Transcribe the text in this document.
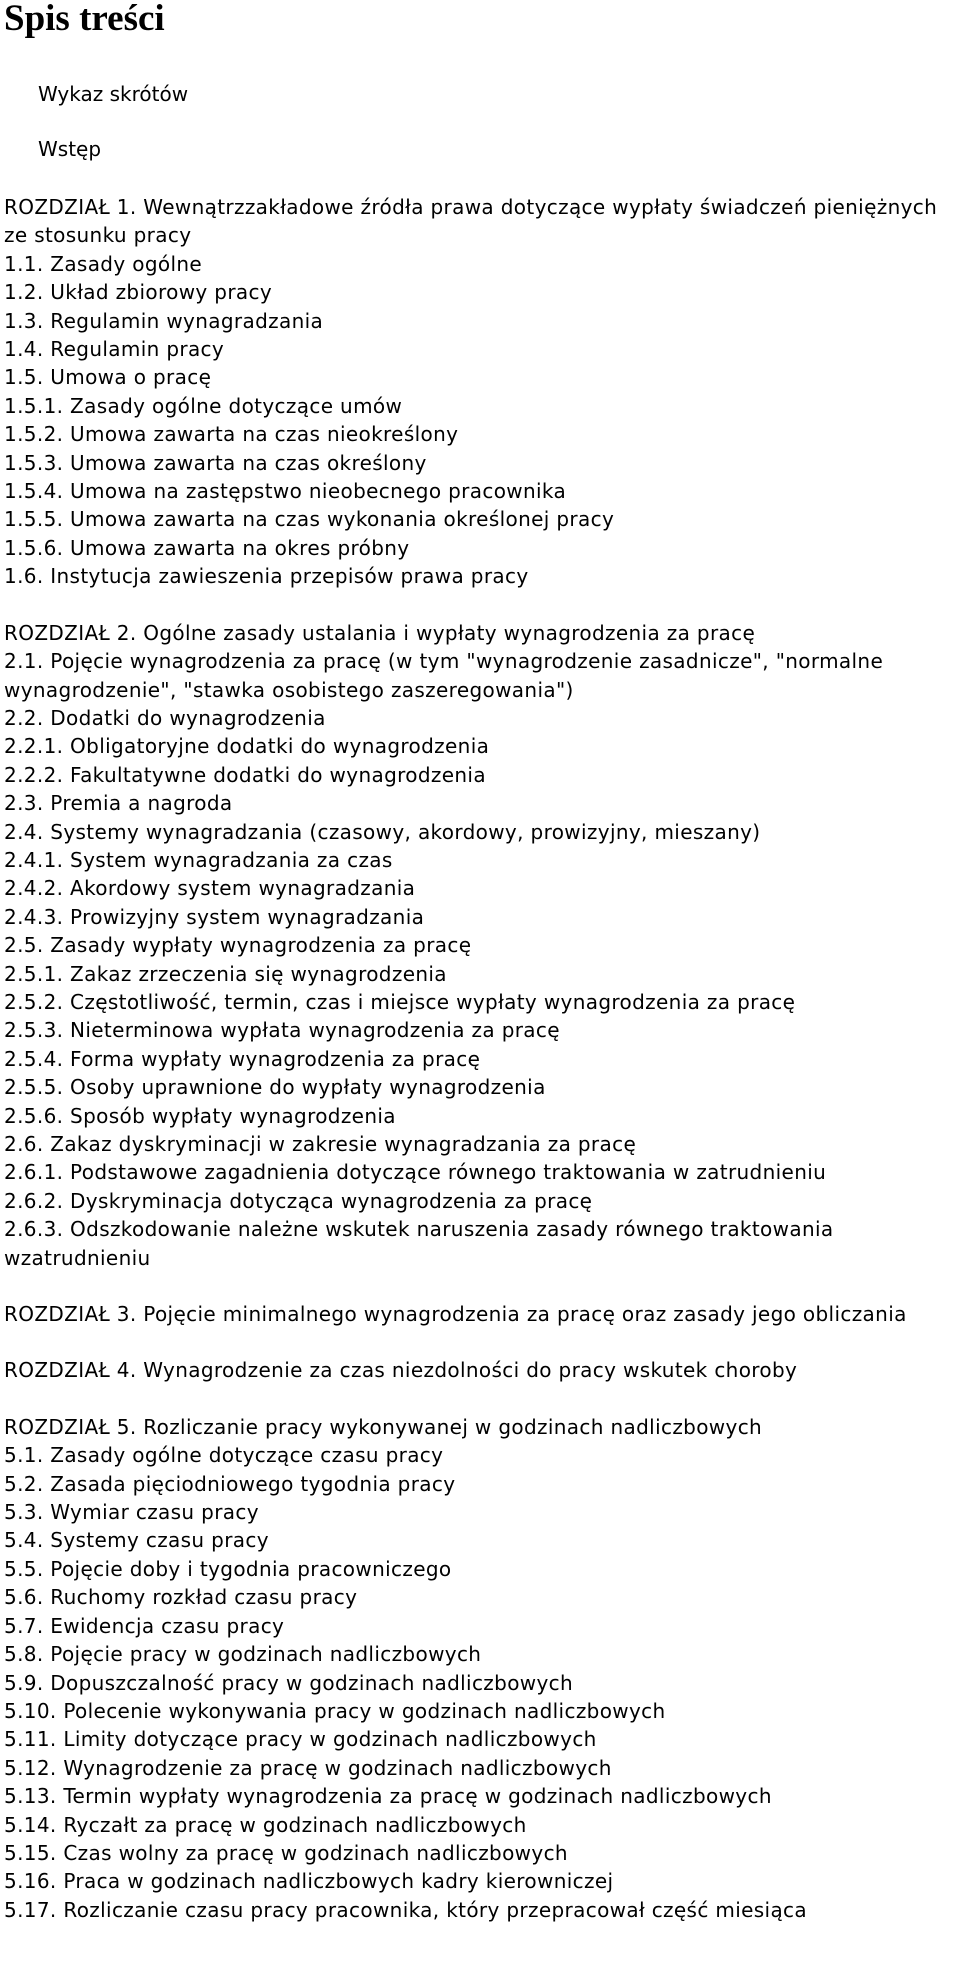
Spis treści

Wykaz skrótów

Wstęp

ROZDZIAŁ 1. Wewnątrzzakładowe źródła prawa dotyczące wypłaty świadczeń pieniężnych ze stosunku pracy
1.1. Zasady ogólne
1.2. Układ zbiorowy pracy
1.3. Regulamin wynagradzania
1.4. Regulamin pracy
1.5. Umowa o pracę
1.5.1. Zasady ogólne dotyczące umów
1.5.2. Umowa zawarta na czas nieokreślony
1.5.3. Umowa zawarta na czas określony
1.5.4. Umowa na zastępstwo nieobecnego pracownika
1.5.5. Umowa zawarta na czas wykonania określonej pracy
1.5.6. Umowa zawarta na okres próbny
1.6. Instytucja zawieszenia przepisów prawa pracy
ROZDZIAŁ 2. Ogólne zasady ustalania i wypłaty wynagrodzenia za pracę
2.1. Pojęcie wynagrodzenia za pracę (w tym "wynagrodzenie zasadnicze", "normalne wynagrodzenie", "stawka osobistego zaszeregowania")
2.2. Dodatki do wynagrodzenia
2.2.1. Obligatoryjne dodatki do wynagrodzenia
2.2.2. Fakultatywne dodatki do wynagrodzenia
2.3. Premia a nagroda
2.4. Systemy wynagradzania (czasowy, akordowy, prowizyjny, mieszany)
2.4.1. System wynagradzania za czas
2.4.2. Akordowy system wynagradzania
2.4.3. Prowizyjny system wynagradzania
2.5. Zasady wypłaty wynagrodzenia za pracę
2.5.1. Zakaz zrzeczenia się wynagrodzenia
2.5.2. Częstotliwość, termin, czas i miejsce wypłaty wynagrodzenia za pracę
2.5.3. Nieterminowa wypłata wynagrodzenia za pracę
2.5.4. Forma wypłaty wynagrodzenia za pracę
2.5.5. Osoby uprawnione do wypłaty wynagrodzenia
2.5.6. Sposób wypłaty wynagrodzenia
2.6. Zakaz dyskryminacji w zakresie wynagradzania za pracę
2.6.1. Podstawowe zagadnienia dotyczące równego traktowania w zatrudnieniu
2.6.2. Dyskryminacja dotycząca wynagrodzenia za pracę
2.6.3. Odszkodowanie należne wskutek naruszenia zasady równego traktowania wzatrudnieniu
ROZDZIAŁ 3. Pojęcie minimalnego wynagrodzenia za pracę oraz zasady jego obliczania
ROZDZIAŁ 4. Wynagrodzenie za czas niezdolności do pracy wskutek choroby
ROZDZIAŁ 5. Rozliczanie pracy wykonywanej w godzinach nadliczbowych
5.1. Zasady ogólne dotyczące czasu pracy
5.2. Zasada pięciodniowego tygodnia pracy
5.3. Wymiar czasu pracy
5.4. Systemy czasu pracy
5.5. Pojęcie doby i tygodnia pracowniczego
5.6. Ruchomy rozkład czasu pracy
5.7. Ewidencja czasu pracy
5.8. Pojęcie pracy w godzinach nadliczbowych
5.9. Dopuszczalność pracy w godzinach nadliczbowych
5.10. Polecenie wykonywania pracy w godzinach nadliczbowych
5.11. Limity dotyczące pracy w godzinach nadliczbowych
5.12. Wynagrodzenie za pracę w godzinach nadliczbowych
5.13. Termin wypłaty wynagrodzenia za pracę w godzinach nadliczbowych
5.14. Ryczałt za pracę w godzinach nadliczbowych
5.15. Czas wolny za pracę w godzinach nadliczbowych
5.16. Praca w godzinach nadliczbowych kadry kierowniczej
5.17. Rozliczanie czasu pracy pracownika, który przepracował część miesiąca
